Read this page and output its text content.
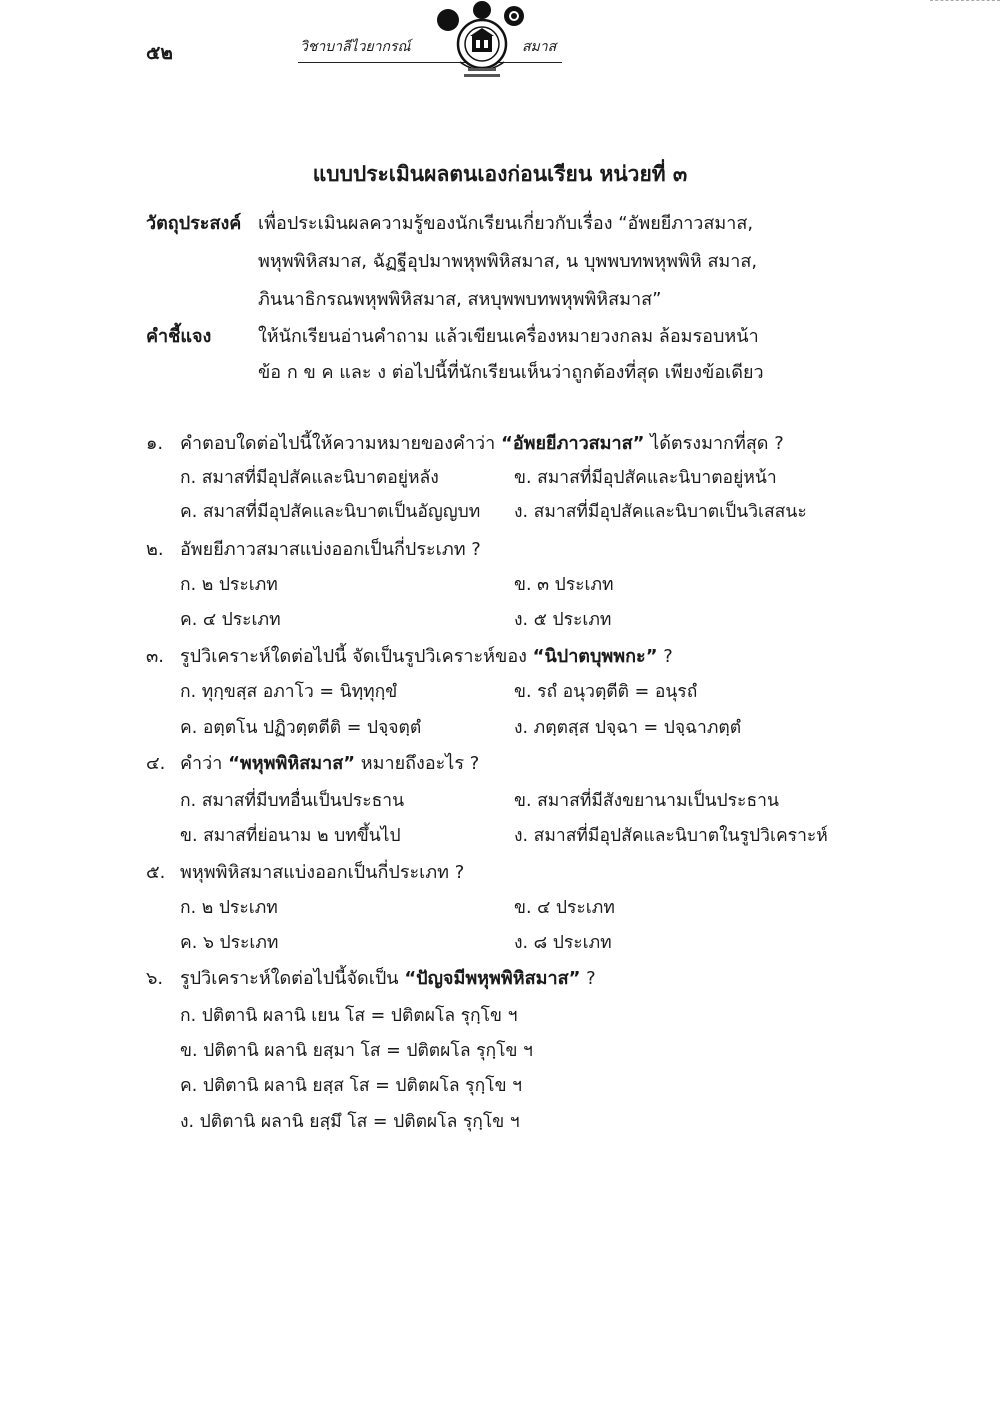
๕๒	วิชาบาลีไวยากรณ์	สมาส
แบบประเมินผลตนเองก่อนเรียน หน่วยที่ ๓
วัตถุประสงค์ เพื่อประเมินผลความรู้ของนักเรียนเกี่ยวกับเรื่อง “อัพยยีภาวสมาส,
พหุพพิหิสมาส, ฉัฏฐีอุปมาพหุพพิหิสมาส, น บุพพบทพหุพพิหิ สมาส,
ภินนาธิกรณพหุพพิหิสมาส, สหบุพพบทพหุพพิหิสมาส”
คำชี้แจง	ให้นักเรียนอ่านคำถาม แล้วเขียนเครื่องหมายวงกลม ล้อมรอบหน้า
ข้อ ก ข ค และ ง ต่อไปนี้ที่นักเรียนเห็นว่าถูกต้องที่สุด เพียงข้อเดียว
๑. คำตอบใดต่อไปนี้ให้ความหมายของคำว่า “อัพยยีภาวสมาส” ได้ตรงมากที่สุด ?
ก. สมาสที่มีอุปสัคและนิบาตอยู่หลัง	ข. สมาสที่มีอุปสัคและนิบาตอยู่หน้า
ค. สมาสที่มีอุปสัคและนิบาตเป็นอัญญบท ง. สมาสที่มีอุปสัคและนิบาตเป็นวิเสสนะ
๒. อัพยยีภาวสมาสแบ่งออกเป็นกี่ประเภท ?
ก. ๒ ประเภท	ข. ๓ ประเภท
ค. ๔ ประเภท	ง. ๕ ประเภท
๓. รูปวิเคราะห์ใดต่อไปนี้ จัดเป็นรูปวิเคราะห์ของ “นิปาตบุพพกะ” ?
ก. ทุกฺขสฺส อภาโว = นิทฺทุกฺขํ	ข. รถํ อนุวตฺตีติ = อนุรถํ
ค. อตฺตโน ปฏิวตฺตตีติ = ปจฺจตฺตํ	ง. ภตฺตสฺส ปจฺฉา = ปจฺฉาภตฺตํ
๔. คำว่า “พหุพพิหิสมาส” หมายถึงอะไร ?
ก. สมาสที่มีบทอื่นเป็นประธาน	ข. สมาสที่มีสังขยานามเป็นประธาน
ข. สมาสที่ย่อนาม ๒ บทขึ้นไป	ง. สมาสที่มีอุปสัคและนิบาตในรูปวิเคราะห์
๕. พหุพพิหิสมาสแบ่งออกเป็นกี่ประเภท ?
ก. ๒ ประเภท	ข. ๔ ประเภท
ค. ๖ ประเภท	ง. ๘ ประเภท
๖. รูปวิเคราะห์ใดต่อไปนี้จัดเป็น “ปัญจมีพหุพพิหิสมาส” ?
ก. ปติตานิ ผลานิ เยน โส = ปติตผโล รุกฺโข ฯ
ข. ปติตานิ ผลานิ ยสฺมา โส = ปติตผโล รุกฺโข ฯ
ค. ปติตานิ ผลานิ ยสฺส โส = ปติตผโล รุกฺโข ฯ
ง. ปติตานิ ผลานิ ยสฺมึ โส = ปติตผโล รุกฺโข ฯ
